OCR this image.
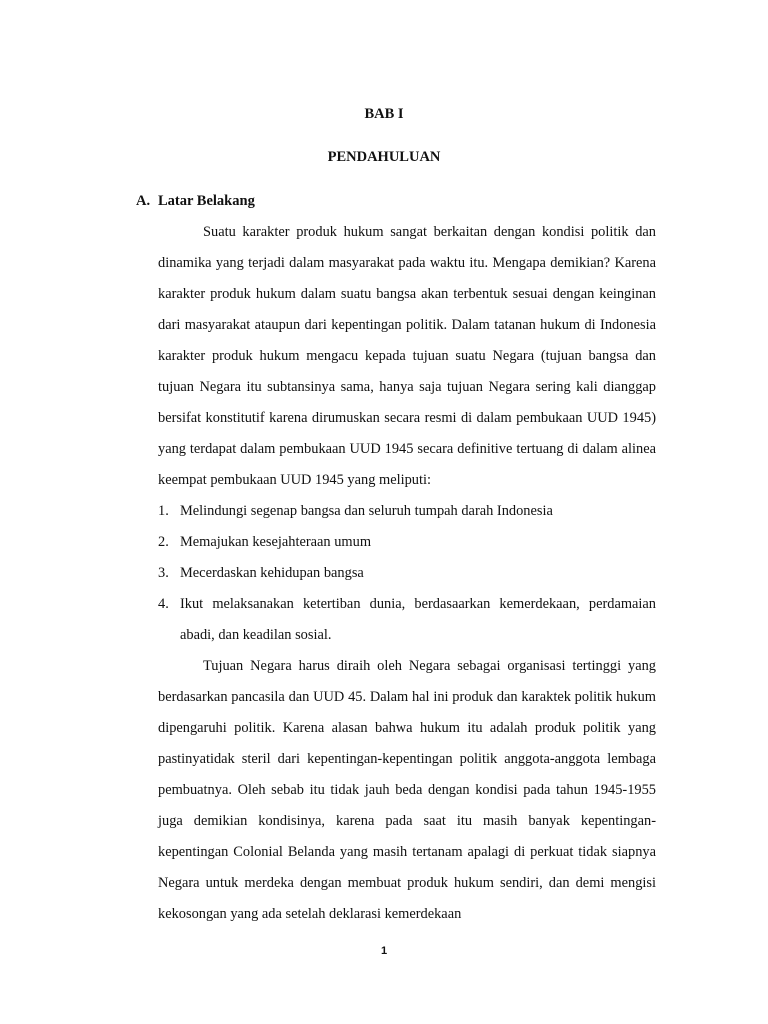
BAB I
PENDAHULUAN
A. Latar Belakang

Suatu karakter produk hukum sangat berkaitan dengan kondisi politik dan dinamika yang terjadi dalam masyarakat pada waktu itu. Mengapa demikian? Karena karakter produk hukum dalam suatu bangsa akan terbentuk sesuai dengan keinginan dari masyarakat ataupun dari kepentingan politik. Dalam tatanan hukum di Indonesia karakter produk hukum mengacu kepada tujuan suatu Negara (tujuan bangsa dan tujuan Negara itu subtansinya sama, hanya saja tujuan Negara sering kali dianggap bersifat konstitutif karena dirumuskan secara resmi di dalam pembukaan UUD 1945) yang terdapat dalam pembukaan UUD 1945 secara definitive tertuang di dalam alinea keempat pembukaan UUD 1945 yang meliputi:

1. Melindungi segenap bangsa dan seluruh tumpah darah Indonesia
2. Memajukan kesejahteraan umum
3. Mecerdaskan kehidupan bangsa
4. Ikut melaksanakan ketertiban dunia, berdasaarkan kemerdekaan, perdamaian abadi, dan keadilan sosial.

Tujuan Negara harus diraih oleh Negara sebagai organisasi tertinggi yang berdasarkan pancasila dan UUD 45. Dalam hal ini produk dan karaktek politik hukum dipengaruhi politik. Karena alasan bahwa hukum itu adalah produk politik yang pastinyatidak steril dari kepentingan-kepentingan politik anggota-anggota lembaga pembuatnya. Oleh sebab itu tidak jauh beda dengan kondisi pada tahun 1945-1955 juga demikian kondisinya, karena pada saat itu masih banyak kepentingan-kepentingan Colonial Belanda yang masih tertanam apalagi di perkuat tidak siapnya Negara untuk merdeka dengan membuat produk hukum sendiri, dan demi mengisi kekosongan yang ada setelah deklarasi kemerdekaan

1
